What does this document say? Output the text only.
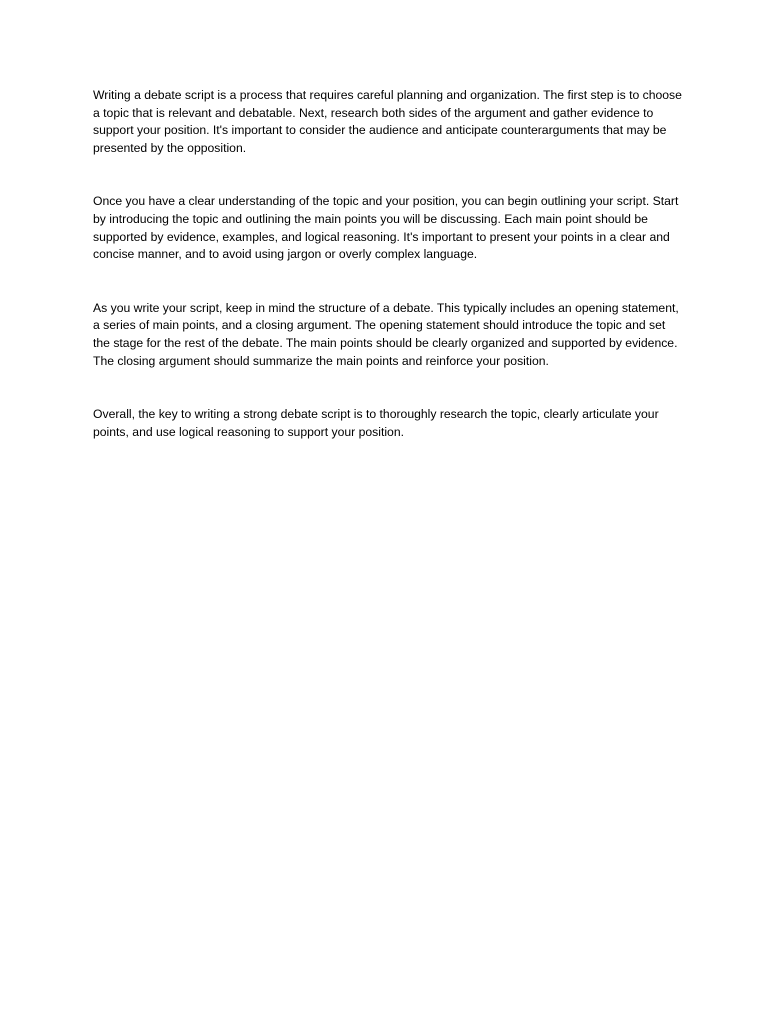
Writing a debate script is a process that requires careful planning and organization. The first step is to choose a topic that is relevant and debatable. Next, research both sides of the argument and gather evidence to support your position. It's important to consider the audience and anticipate counterarguments that may be presented by the opposition.

Once you have a clear understanding of the topic and your position, you can begin outlining your script. Start by introducing the topic and outlining the main points you will be discussing. Each main point should be supported by evidence, examples, and logical reasoning. It's important to present your points in a clear and concise manner, and to avoid using jargon or overly complex language.

As you write your script, keep in mind the structure of a debate. This typically includes an opening statement, a series of main points, and a closing argument. The opening statement should introduce the topic and set the stage for the rest of the debate. The main points should be clearly organized and supported by evidence. The closing argument should summarize the main points and reinforce your position.

Overall, the key to writing a strong debate script is to thoroughly research the topic, clearly articulate your points, and use logical reasoning to support your position.
